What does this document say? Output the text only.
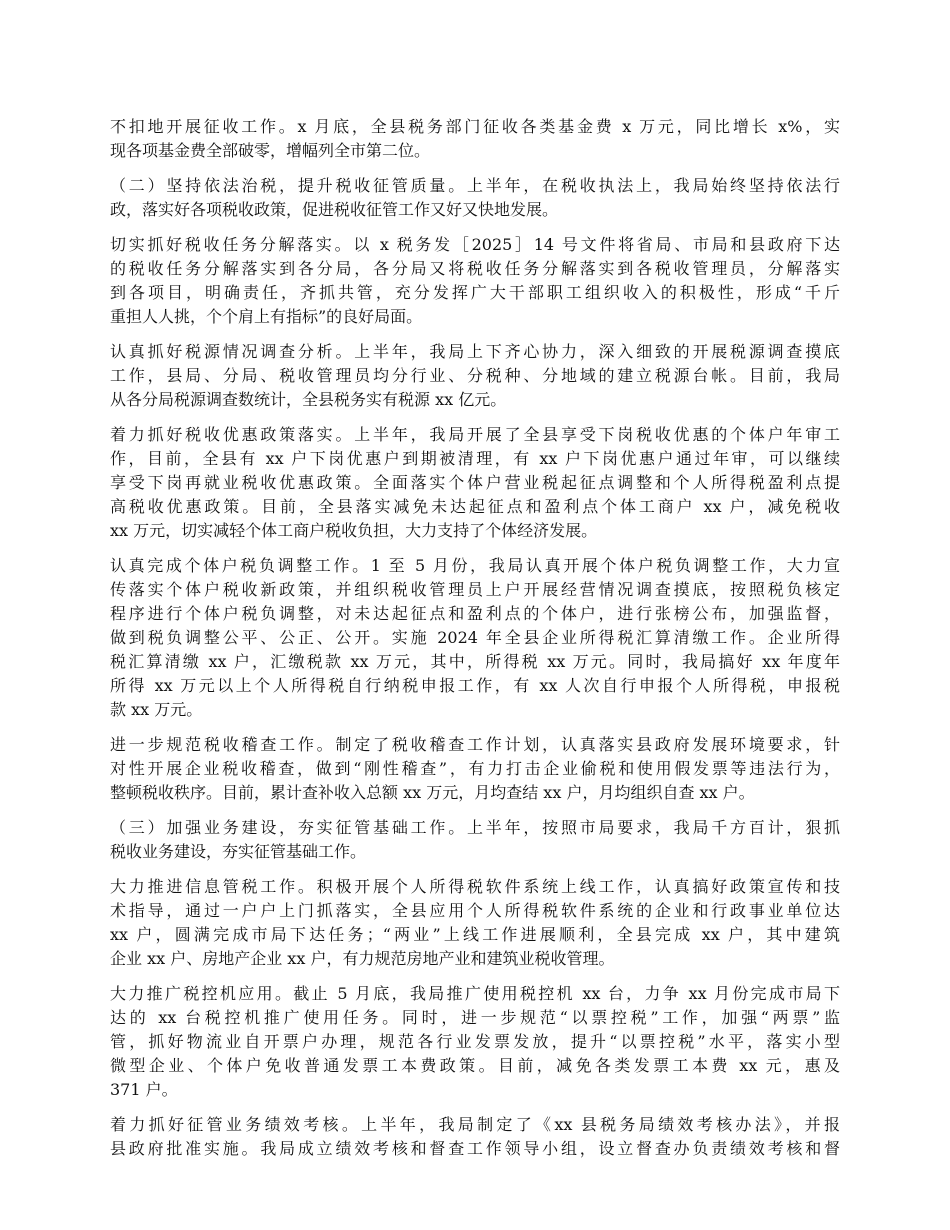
不扣地开展征收工作。x 月底，全县税务部门征收各类基金费 x 万元，同比增长 x%，实
现各项基金费全部破零，增幅列全市第二位。

（二）坚持依法治税，提升税收征管质量。上半年，在税收执法上，我局始终坚持依法行
政，落实好各项税收政策，促进税收征管工作又好又快地发展。

切实抓好税收任务分解落实。以 x 税务发［2025］14 号文件将省局、市局和县政府下达
的税收任务分解落实到各分局，各分局又将税收任务分解落实到各税收管理员，分解落实
到各项目，明确责任，齐抓共管，充分发挥广大干部职工组织收入的积极性，形成“千斤
重担人人挑，个个肩上有指标”的良好局面。

认真抓好税源情况调查分析。上半年，我局上下齐心协力，深入细致的开展税源调查摸底
工作，县局、分局、税收管理员均分行业、分税种、分地域的建立税源台帐。目前，我局
从各分局税源调查数统计，全县税务实有税源 xx 亿元。

着力抓好税收优惠政策落实。上半年，我局开展了全县享受下岗税收优惠的个体户年审工
作，目前，全县有 xx 户下岗优惠户到期被清理，有 xx 户下岗优惠户通过年审，可以继续
享受下岗再就业税收优惠政策。全面落实个体户营业税起征点调整和个人所得税盈利点提
高税收优惠政策。目前，全县落实减免未达起征点和盈利点个体工商户 xx 户，减免税收
xx 万元，切实减轻个体工商户税收负担，大力支持了个体经济发展。

认真完成个体户税负调整工作。1 至 5 月份，我局认真开展个体户税负调整工作，大力宣
传落实个体户税收新政策，并组织税收管理员上户开展经营情况调查摸底，按照税负核定
程序进行个体户税负调整，对未达起征点和盈利点的个体户，进行张榜公布，加强监督，
做到税负调整公平、公正、公开。实施 2024 年全县企业所得税汇算清缴工作。企业所得
税汇算清缴 xx 户，汇缴税款 xx 万元，其中，所得税 xx 万元。同时，我局搞好 xx 年度年
所得 xx 万元以上个人所得税自行纳税申报工作，有 xx 人次自行申报个人所得税，申报税
款 xx 万元。

进一步规范税收稽查工作。制定了税收稽查工作计划，认真落实县政府发展环境要求，针
对性开展企业税收稽查，做到“刚性稽查”，有力打击企业偷税和使用假发票等违法行为，
整顿税收秩序。目前，累计查补收入总额 xx 万元，月均查结 xx 户，月均组织自查 xx 户。

（三）加强业务建设，夯实征管基础工作。上半年，按照市局要求，我局千方百计，狠抓
税收业务建设，夯实征管基础工作。

大力推进信息管税工作。积极开展个人所得税软件系统上线工作，认真搞好政策宣传和技
术指导，通过一户户上门抓落实，全县应用个人所得税软件系统的企业和行政事业单位达
xx 户，圆满完成市局下达任务；“两业”上线工作进展顺利，全县完成 xx 户，其中建筑
企业 xx 户、房地产企业 xx 户，有力规范房地产业和建筑业税收管理。

大力推广税控机应用。截止 5 月底，我局推广使用税控机 xx 台，力争 xx 月份完成市局下
达的 xx 台税控机推广使用任务。同时，进一步规范“以票控税”工作，加强“两票”监
管，抓好物流业自开票户办理，规范各行业发票发放，提升“以票控税”水平，落实小型
微型企业、个体户免收普通发票工本费政策。目前，减免各类发票工本费 xx 元，惠及
371 户。

着力抓好征管业务绩效考核。上半年，我局制定了《xx 县税务局绩效考核办法》，并报
县政府批准实施。我局成立绩效考核和督查工作领导小组，设立督查办负责绩效考核和督
